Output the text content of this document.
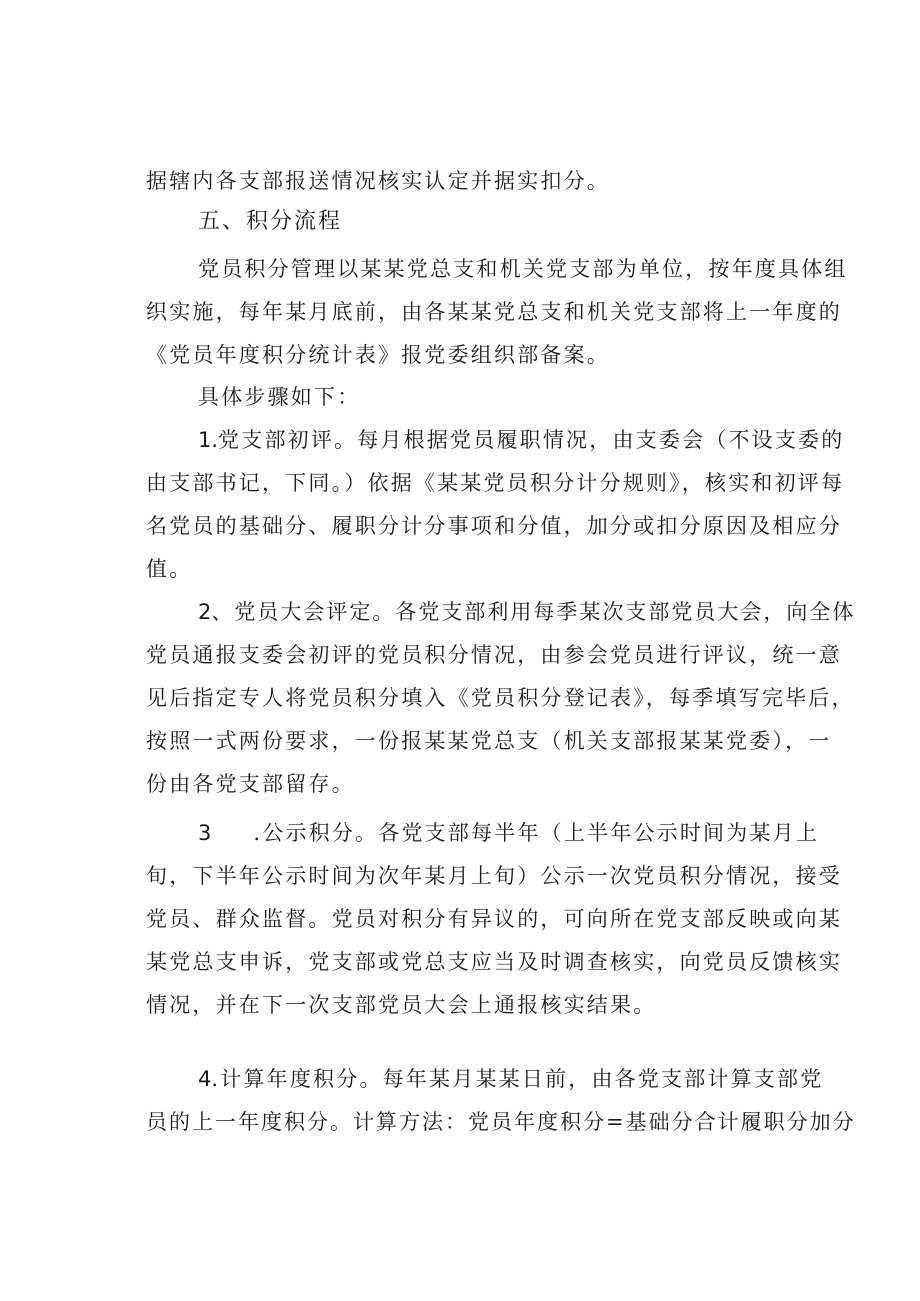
据辖内各支部报送情况核实认定并据实扣分。

五、积分流程

党员积分管理以某某党总支和机关党支部为单位，按年度具体组

织实施，每年某月底前，由各某某党总支和机关党支部将上一年度的

《党员年度积分统计表》报党委组织部备案。

具体步骤如下：

1.党支部初评。每月根据党员履职情况，由支委会（不设支委的

由支部书记，下同。）依据《某某党员积分计分规则》，核实和初评每

名党员的基础分、履职分计分事项和分值，加分或扣分原因及相应分

值。

2、党员大会评定。各党支部利用每季某次支部党员大会，向全体

党员通报支委会初评的党员积分情况，由参会党员进行评议，统一意

见后指定专人将党员积分填入《党员积分登记表》，每季填写完毕后，

按照一式两份要求，一份报某某党总支（机关支部报某某党委），一

份由各党支部留存。

3 .公示积分。各党支部每半年（上半年公示时间为某月上

旬，下半年公示时间为次年某月上旬）公示一次党员积分情况，接受

党员、群众监督。党员对积分有异议的，可向所在党支部反映或向某

某党总支申诉，党支部或党总支应当及时调查核实，向党员反馈核实

情况，并在下一次支部党员大会上通报核实结果。

4.计算年度积分。每年某月某某日前，由各党支部计算支部党

员的上一年度积分。计算方法：党员年度积分=基础分合计履职分加分
